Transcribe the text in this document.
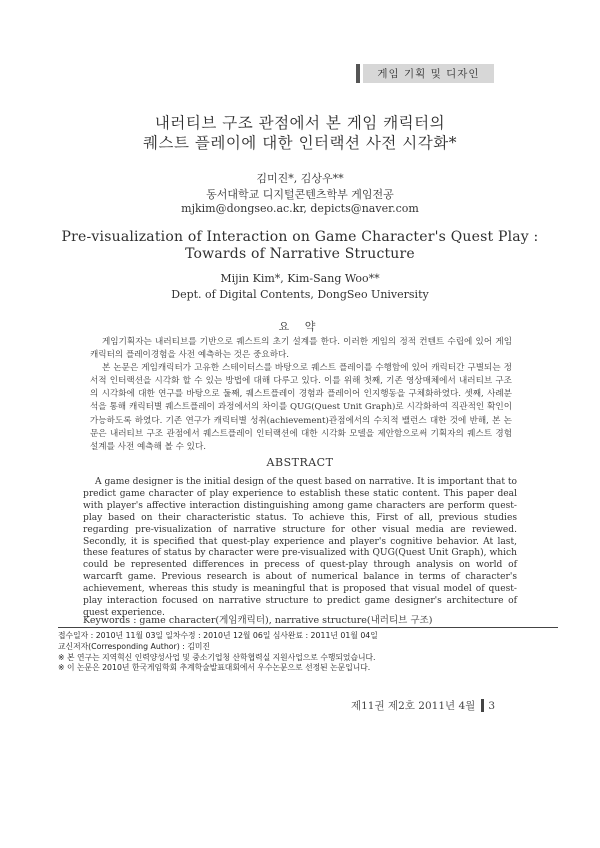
게임 기획 및 디자인
내러티브 구조 관점에서 본 게임 캐릭터의
퀘스트 플레이에 대한 인터랙션 사전 시각화*
김미진*, 김상우**
동서대학교 디지털콘텐츠학부 게임전공
mjkim@dongseo.ac.kr, depicts@naver.com
Pre-visualization of Interaction on Game Character's Quest Play :
Towards of Narrative Structure
Mijin Kim*, Kim-Sang Woo**
Dept. of Digital Contents, DongSeo University
요 약

게임기획자는 내러티브를 기반으로 퀘스트의 초기 설계를 한다. 이러한 게임의 정적 컨텐트 수립에 있어 게임캐릭터의 플레이경험을 사전 예측하는 것은 중요하다.

본 논문은 게임캐릭터가 고유한 스테이터스를 바탕으로 퀘스트 플레이를 수행함에 있어 캐릭터간 구별되는 정서적 인터랙션을 시각화 할 수 있는 방법에 대해 다루고 있다. 이를 위해 첫째, 기존 영상매체에서 내러티브 구조의 시각화에 대한 연구를 바탕으로 둘째, 퀘스트플레이 경험과 플레이어 인지행동을 구체화하였다. 셋째, 사례분석을 통해 캐릭터별 퀘스트플레이 과정에서의 차이를 QUG(Quest Unit Graph)로 시각화하여 직관적인 확인이 가능하도록 하였다. 기존 연구가 캐릭터별 성취(achievement)관점에서의 수치적 밸런스 대한 것에 반해, 본 논문은 내러티브 구조 관점에서 퀘스트플레이 인터랙션에 대한 시각화 모델을 제안함으로써 기획자의 퀘스트 경험설계를 사전 예측해 볼 수 있다.

ABSTRACT

A game designer is the initial design of the quest based on narrative. It is important that to predict game character of play experience to establish these static content. This paper deal with player's affective interaction distinguishing among game characters are perform quest-play based on their characteristic status. To achieve this, First of all, previous studies regarding pre-visualization of narrative structure for other visual media are reviewed. Secondly, it is specified that quest-play experience and player's cognitive behavior. At last, these features of status by character were pre-visualized with QUG(Quest Unit Graph), which could be represented differences in precess of quest-play through analysis on world of warcarft game. Previous research is about of numerical balance in terms of character's achievement, whereas this study is meaningful that is proposed that visual model of quest-play interaction focused on narrative structure to predict game designer's architecture of quest experience.

Keywords : game character(게임캐릭터), narrative structure(내러티브 구조)
접수일자 : 2010년 11월 03일 일차수정 : 2010년 12월 06일 심사완료 : 2011년 01월 04일
교신저자(Corresponding Author) : 김미진
※ 본 연구는 지역혁신 인력양성사업 및 중소기업청 산학협력실 지원사업으로 수행되었습니다.
※ 이 논문은 2010년 한국게임학회 추계학술발표대회에서 우수논문으로 선정된 논문입니다.
제11권 제2호 2011년 4월 3
